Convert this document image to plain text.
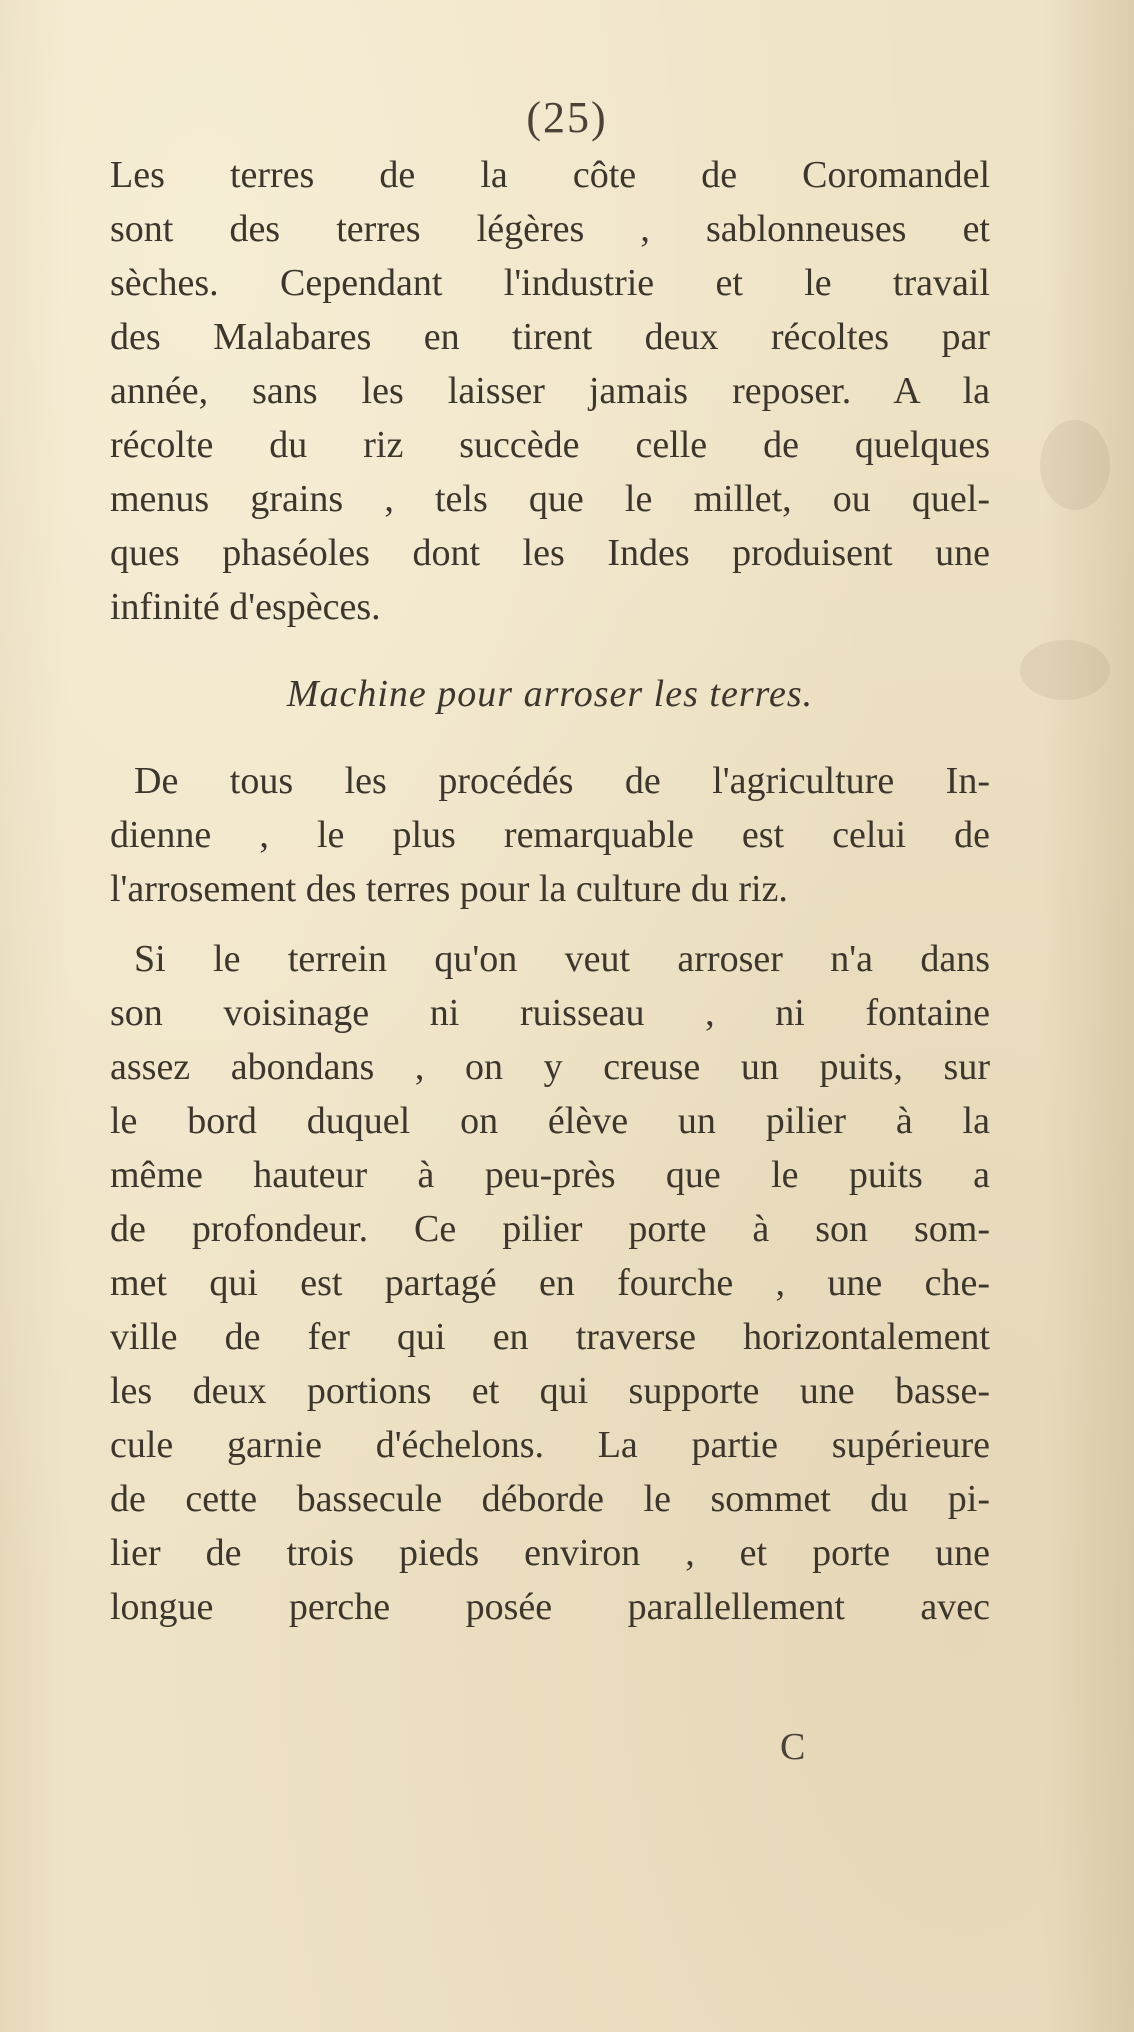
(25)
Les terres de la côte de Coromandel
sont des terres légères , sablonneuses et
sèches. Cependant l'industrie et le travail
des Malabares en tirent deux récoltes par
année, sans les laisser jamais reposer. A la
récolte du riz succède celle de quelques
menus grains , tels que le millet, ou quel-
ques phaséoles dont les Indes produisent une
infinité d'espèces.
Machine pour arroser les terres.
De tous les procédés de l'agriculture In-
dienne , le plus remarquable est celui de
l'arrosement des terres pour la culture du riz.
Si le terrein qu'on veut arroser n'a dans
son voisinage ni ruisseau , ni fontaine
assez abondans , on y creuse un puits, sur
le bord duquel on élève un pilier à la
même hauteur à peu-près que le puits a
de profondeur. Ce pilier porte à son som-
met qui est partagé en fourche , une che-
ville de fer qui en traverse horizontalement
les deux portions et qui supporte une basse-
cule garnie d'échelons. La partie supérieure
de cette bassecule déborde le sommet du pi-
lier de trois pieds environ , et porte une
longue perche posée parallellement avec
C
